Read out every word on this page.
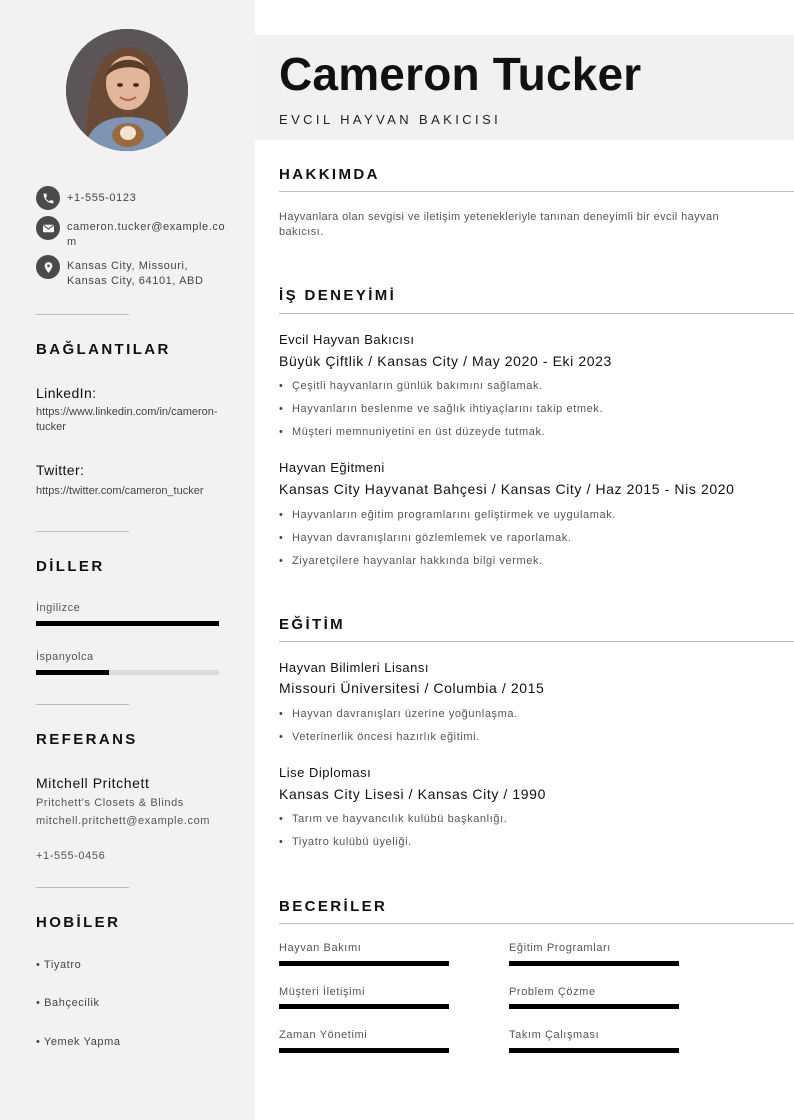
+1-555-0123
cameron.tucker@example.com
Kansas City, Missouri, Kansas City, 64101, ABD
BAĞLANTILAR
LinkedIn:
https://www.linkedin.com/in/cameron-tucker
Twitter:
https://twitter.com/cameron_tucker
DİLLER
İngilizce
İspanyolca
REFERANS
Mitchell Pritchett
Pritchett's Closets & Blinds
mitchell.pritchett@example.com
+1-555-0456
HOBİLER
• Tiyatro
• Bahçecilik
• Yemek Yapma
Cameron Tucker
EVCIL HAYVAN BAKICISI
HAKKIMDA
Hayvanlara olan sevgisi ve iletişim yetenekleriyle tanınan deneyimli bir evcil hayvan bakıcısı.
İŞ DENEYİMİ
Evcil Hayvan Bakıcısı
Büyük Çiftlik / Kansas City / May 2020 - Eki 2023
• Çeşitli hayvanların günlük bakımını sağlamak.
• Hayvanların beslenme ve sağlık ihtiyaçlarını takip etmek.
• Müşteri memnuniyetini en üst düzeyde tutmak.
Hayvan Eğitmeni
Kansas City Hayvanat Bahçesi / Kansas City / Haz 2015 - Nis 2020
• Hayvanların eğitim programlarını geliştirmek ve uygulamak.
• Hayvan davranışlarını gözlemlemek ve raporlamak.
• Ziyaretçilere hayvanlar hakkında bilgi vermek.
EĞİTİM
Hayvan Bilimleri Lisansı
Missouri Üniversitesi / Columbia / 2015
• Hayvan davranışları üzerine yoğunlaşma.
• Veterinerlik öncesi hazırlık eğitimi.
Lise Diploması
Kansas City Lisesi / Kansas City / 1990
• Tarım ve hayvancılık kulübü başkanlığı.
• Tiyatro kulübü üyeliği.
BECERİLER
Hayvan Bakımı	Eğitim Programları
Müşteri İletişimi	Problem Çözme
Zaman Yönetimi	Takım Çalışması
